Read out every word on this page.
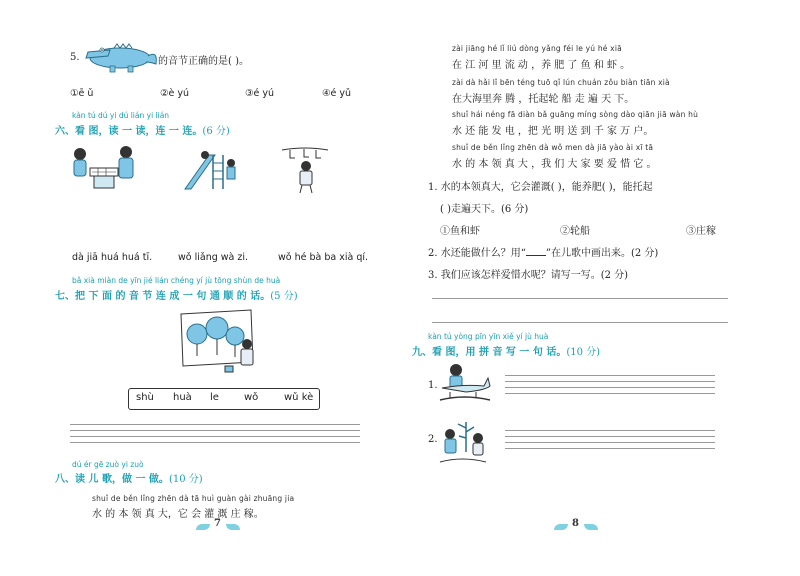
5.	的音节正确的是( )。
①ē ǔ	②è yú	③é yú	④é yǔ
kàn tú dú yi dú lián yi lián
六、看 图，读 一 读，连 一 连。(6 分)
dà jiā huá huá tī.	wǒ liǎng wà zi.	wǒ hé bà ba xià qí.
bǎ xià miàn de yīn jié lián chéng yí jù tōng shùn de huà
七、把 下 面 的 音 节 连 成 一 句 通 顺 的 话。(5 分)
shù huà le	wǒ	wǔ kè
dú ér gē zuò yi zuò
八、读 儿 歌，做 一 做。(10 分)
shuǐ de běn lǐng zhēn dà tā huì guàn gài zhuāng jia
水 的 本 领 真 大，它 会 灌 溉 庄 稼。
7
zài jiāng hé lǐ liú dòng yǎng féi le yú hé xiā
在 江 河 里 流 动 ，养 肥 了 鱼 和 虾 。
zài dà hǎi lǐ bēn téng tuō qǐ lún chuán zǒu biàn tiān xià
在大海里奔 腾 ，托起轮 船 走 遍 天 下。
shuǐ hái néng fā diàn bǎ guāng míng sòng dào qiān jiā wàn hù
水 还 能 发 电 ，把 光 明 送 到 千 家 万 户。
shuǐ de běn lǐng zhēn dà wǒ men dà jiā yào ài xī tā
水 的 本 领 真 大 ，我 们 大 家 要 爱 惜 它 。
1. 水的本领真大，它会灌溉( )，能养肥( )，能托起
( )走遍天下。(6 分)
①鱼和虾	②轮船	③庄稼
2. 水还能做什么？用“ ”在儿歌中画出来。(2 分)
3. 我们应该怎样爱惜水呢？请写一写。(2 分)
kàn tú yòng pīn yīn xiě yí jù huà
九、看 图，用 拼 音 写 一 句 话。(10 分)
1.
2.
8
